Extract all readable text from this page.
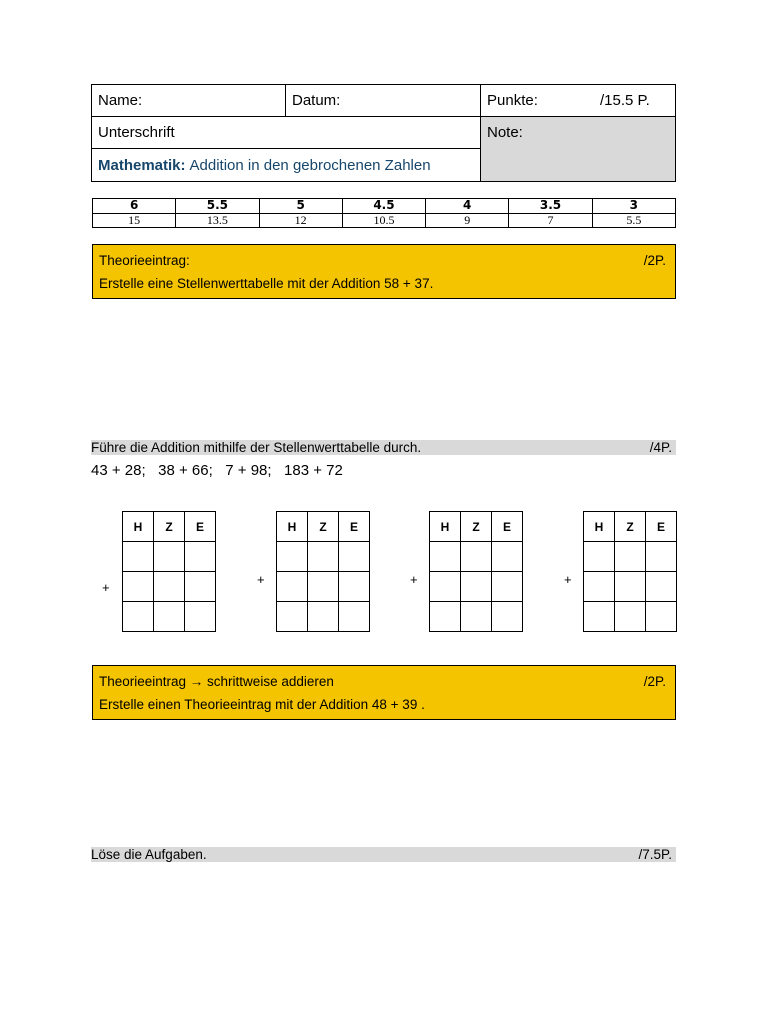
Name:	Datum:	Punkte:	/15.5 P.
Unterschrift	Note:
Mathematik: Addition in den gebrochenen Zahlen
6	5.5	5	4.5	4	3.5	3
15	13.5	12	10.5	9	7	5.5
Theorieeintrag:	/2P.
Erstelle eine Stellenwerttabelle mit der Addition 58 + 37.
Führe die Addition mithilfe der Stellenwerttabelle durch.	/4P.
43 + 28;   38 + 66;   7 + 98;   183 + 72
+
H	Z	E

+
H	Z	E

+
H	Z	E

+
H	Z	E

Theorieeintrag → schrittweise addieren	/2P.
Erstelle einen Theorieeintrag mit der Addition 48 + 39 .
Löse die Aufgaben.	/7.5P.
